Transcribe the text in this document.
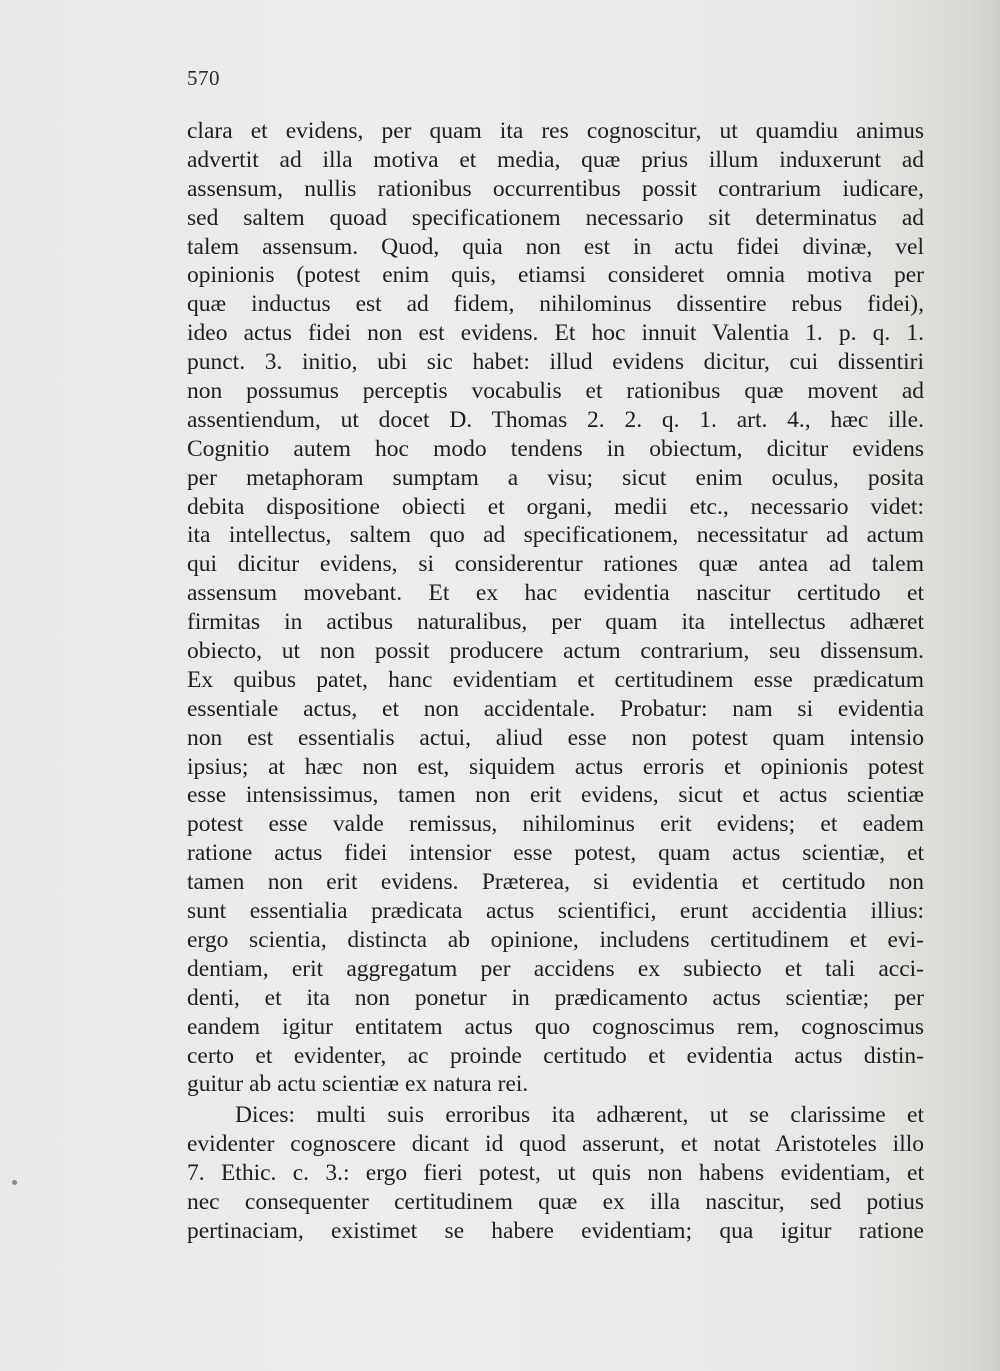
570
clara et evidens, per quam ita res cognoscitur, ut quamdiu animus
advertit ad illa motiva et media, quæ prius illum induxerunt ad
assensum, nullis rationibus occurrentibus possit contrarium iudicare,
sed saltem quoad specificationem necessario sit determinatus ad
talem assensum. Quod, quia non est in actu fidei divinæ, vel
opinionis (potest enim quis, etiamsi consideret omnia motiva per
quæ inductus est ad fidem, nihilominus dissentire rebus fidei),
ideo actus fidei non est evidens. Et hoc innuit Valentia 1. p. q. 1.
punct. 3. initio, ubi sic habet: illud evidens dicitur, cui dissentiri
non possumus perceptis vocabulis et rationibus quæ movent ad
assentiendum, ut docet D. Thomas 2. 2. q. 1. art. 4., hæc ille.
Cognitio autem hoc modo tendens in obiectum, dicitur evidens
per metaphoram sumptam a visu; sicut enim oculus, posita
debita dispositione obiecti et organi, medii etc., necessario videt:
ita intellectus, saltem quo ad specificationem, necessitatur ad actum
qui dicitur evidens, si considerentur rationes quæ antea ad talem
assensum movebant. Et ex hac evidentia nascitur certitudo et
firmitas in actibus naturalibus, per quam ita intellectus adhæret
obiecto, ut non possit producere actum contrarium, seu dissensum.
Ex quibus patet, hanc evidentiam et certitudinem esse prædicatum
essentiale actus, et non accidentale. Probatur: nam si evidentia
non est essentialis actui, aliud esse non potest quam intensio
ipsius; at hæc non est, siquidem actus erroris et opinionis potest
esse intensissimus, tamen non erit evidens, sicut et actus scientiæ
potest esse valde remissus, nihilominus erit evidens; et eadem
ratione actus fidei intensior esse potest, quam actus scientiæ, et
tamen non erit evidens. Præterea, si evidentia et certitudo non
sunt essentialia prædicata actus scientifici, erunt accidentia illius:
ergo scientia, distincta ab opinione, includens certitudinem et evi-
dentiam, erit aggregatum per accidens ex subiecto et tali acci-
denti, et ita non ponetur in prædicamento actus scientiæ; per
eandem igitur entitatem actus quo cognoscimus rem, cognoscimus
certo et evidenter, ac proinde certitudo et evidentia actus distin-
guitur ab actu scientiæ ex natura rei.
Dices: multi suis erroribus ita adhærent, ut se clarissime et
evidenter cognoscere dicant id quod asserunt, et notat Aristoteles illo
7. Ethic. c. 3.: ergo fieri potest, ut quis non habens evidentiam, et
nec consequenter certitudinem quæ ex illa nascitur, sed potius
pertinaciam, existimet se habere evidentiam; qua igitur ratione
